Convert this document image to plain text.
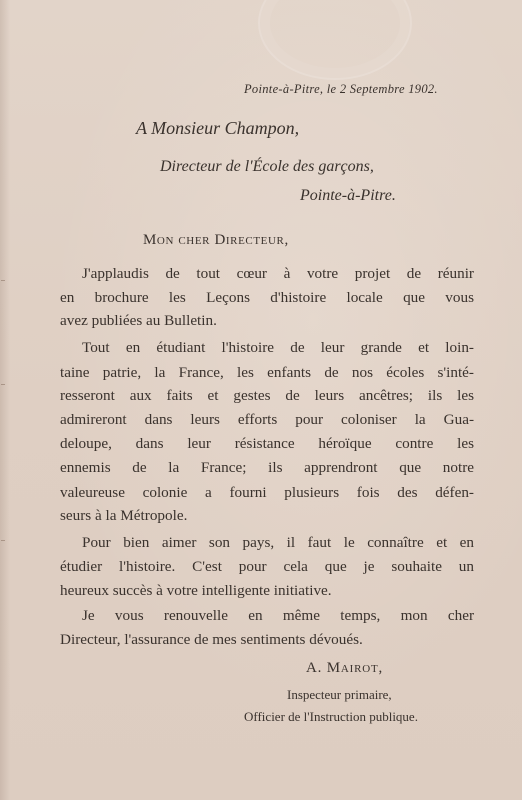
Pointe-à-Pitre, le 2 Septembre 1902.
A Monsieur Champon,
Directeur de l'École des garçons,
Pointe-à-Pitre.
Mon cher Directeur,
J'applaudis de tout cœur à votre projet de réunir
en brochure les Leçons d'histoire locale que vous
avez publiées au Bulletin.
Tout en étudiant l'histoire de leur grande et loin-
taine patrie, la France, les enfants de nos écoles s'inté-
resseront aux faits et gestes de leurs ancêtres; ils les
admireront dans leurs efforts pour coloniser la Gua-
deloupe, dans leur résistance héroïque contre les
ennemis de la France; ils apprendront que notre
valeureuse colonie a fourni plusieurs fois des défen-
seurs à la Métropole.
Pour bien aimer son pays, il faut le connaître et en
étudier l'histoire. C'est pour cela que je souhaite un
heureux succès à votre intelligente initiative.
Je vous renouvelle en même temps, mon cher
Directeur, l'assurance de mes sentiments dévoués.
A. Mairot,
Inspecteur primaire,
Officier de l'Instruction publique.
